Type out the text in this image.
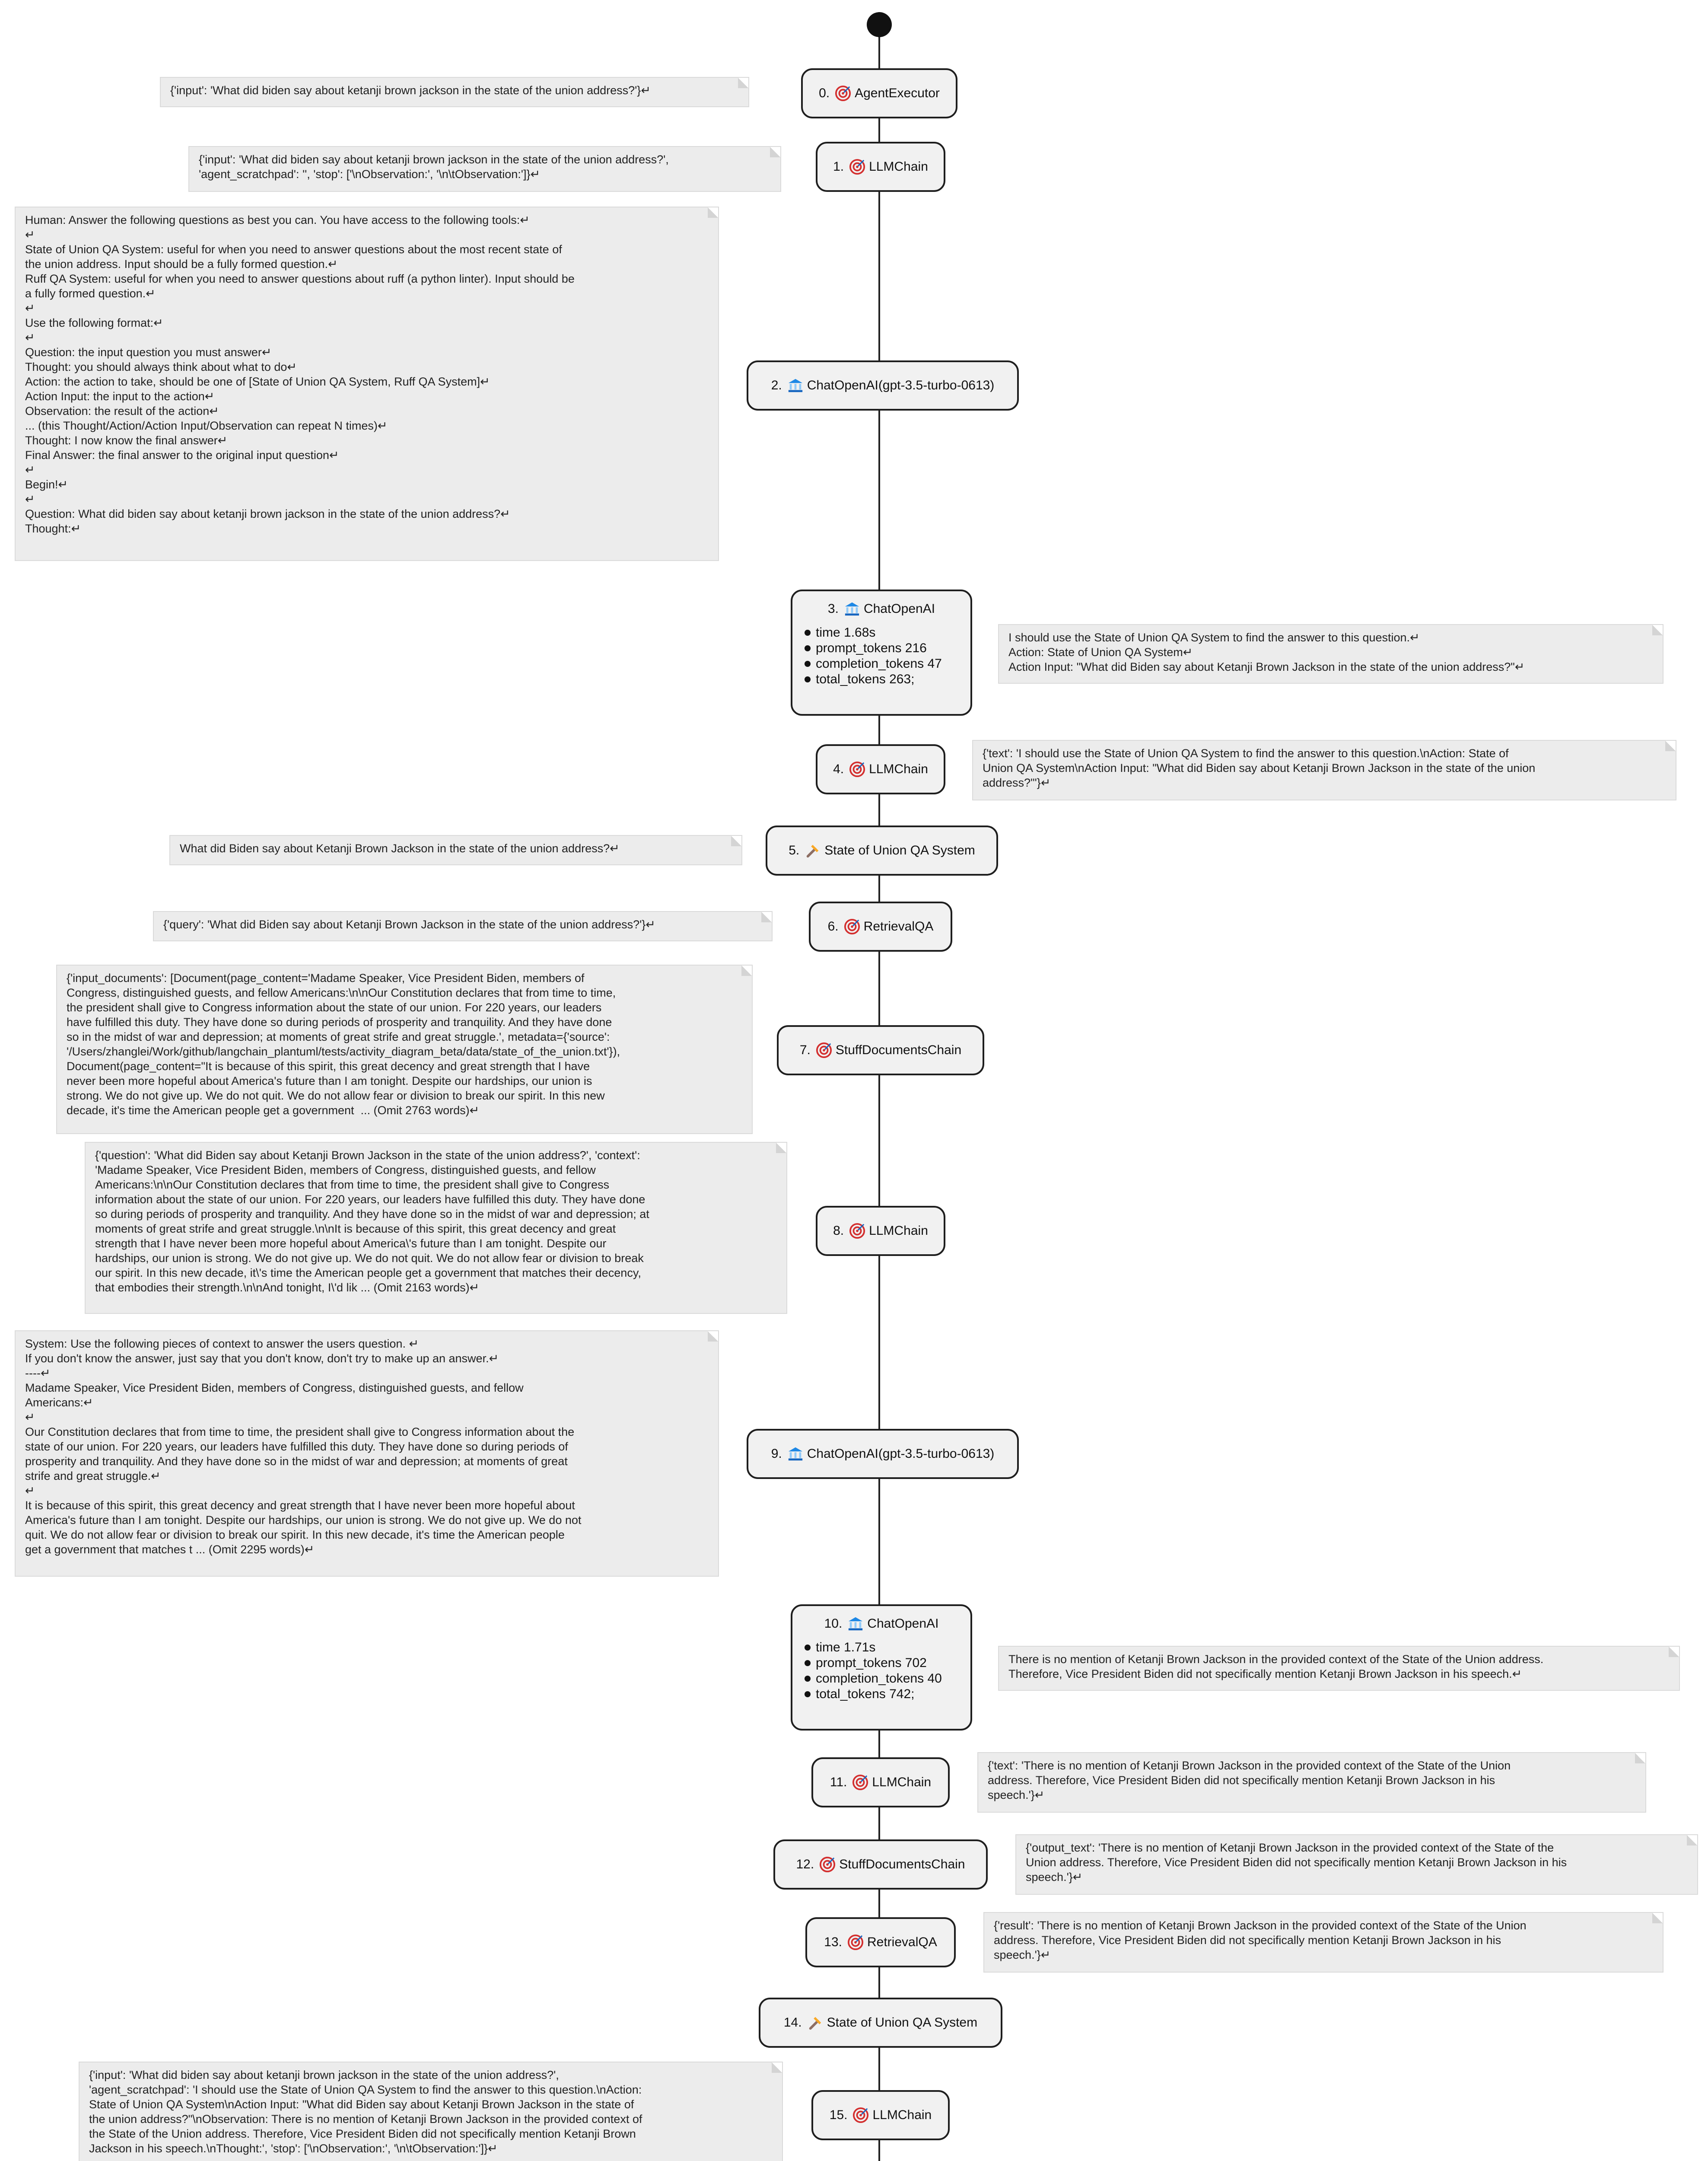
0. AgentExecutor
{'input': 'What did biden say about ketanji brown jackson in the state of the union address?'}↵
1. LLMChain
{'input': 'What did biden say about ketanji brown jackson in the state of the union address?',
'agent_scratchpad': '', 'stop': ['\nObservation:', '\n\tObservation:']}↵
2. ChatOpenAI(gpt-3.5-turbo-0613)
Human: Answer the following questions as best you can. You have access to the following tools:↵
↵
State of Union QA System: useful for when you need to answer questions about the most recent state of
the union address. Input should be a fully formed question.↵
Ruff QA System: useful for when you need to answer questions about ruff (a python linter). Input should be
a fully formed question.↵
↵
Use the following format:↵
↵
Question: the input question you must answer↵
Thought: you should always think about what to do↵
Action: the action to take, should be one of [State of Union QA System, Ruff QA System]↵
Action Input: the input to the action↵
Observation: the result of the action↵
... (this Thought/Action/Action Input/Observation can repeat N times)↵
Thought: I now know the final answer↵
Final Answer: the final answer to the original input question↵
↵
Begin!↵
↵
Question: What did biden say about ketanji brown jackson in the state of the union address?↵
Thought:↵
3. ChatOpenAI
time 1.68s
prompt_tokens 216
completion_tokens 47
total_tokens 263;
I should use the State of Union QA System to find the answer to this question.↵
Action: State of Union QA System↵
Action Input: "What did Biden say about Ketanji Brown Jackson in the state of the union address?"↵
4. LLMChain
{'text': 'I should use the State of Union QA System to find the answer to this question.\nAction: State of
Union QA System\nAction Input: "What did Biden say about Ketanji Brown Jackson in the state of the union
address?"'}↵
5. State of Union QA System
What did Biden say about Ketanji Brown Jackson in the state of the union address?↵
6. RetrievalQA
{'query': 'What did Biden say about Ketanji Brown Jackson in the state of the union address?'}↵
7. StuffDocumentsChain
{'input_documents': [Document(page_content='Madame Speaker, Vice President Biden, members of
Congress, distinguished guests, and fellow Americans:\n\nOur Constitution declares that from time to time,
the president shall give to Congress information about the state of our union. For 220 years, our leaders
have fulfilled this duty. They have done so during periods of prosperity and tranquility. And they have done
so in the midst of war and depression; at moments of great strife and great struggle.', metadata={'source':
'/Users/zhanglei/Work/github/langchain_plantuml/tests/activity_diagram_beta/data/state_of_the_union.txt'}),
Document(page_content="It is because of this spirit, this great decency and great strength that I have
never been more hopeful about America's future than I am tonight. Despite our hardships, our union is
strong. We do not give up. We do not quit. We do not allow fear or division to break our spirit. In this new
decade, it's time the American people get a government  ... (Omit 2763 words)↵
8. LLMChain
{'question': 'What did Biden say about Ketanji Brown Jackson in the state of the union address?', 'context':
'Madame Speaker, Vice President Biden, members of Congress, distinguished guests, and fellow
Americans:\n\nOur Constitution declares that from time to time, the president shall give to Congress
information about the state of our union. For 220 years, our leaders have fulfilled this duty. They have done
so during periods of prosperity and tranquility. And they have done so in the midst of war and depression; at
moments of great strife and great struggle.\n\nIt is because of this spirit, this great decency and great
strength that I have never been more hopeful about America\'s future than I am tonight. Despite our
hardships, our union is strong. We do not give up. We do not quit. We do not allow fear or division to break
our spirit. In this new decade, it\'s time the American people get a government that matches their decency,
that embodies their strength.\n\nAnd tonight, I\'d lik ... (Omit 2163 words)↵
9. ChatOpenAI(gpt-3.5-turbo-0613)
System: Use the following pieces of context to answer the users question. ↵
If you don't know the answer, just say that you don't know, don't try to make up an answer.↵
----↵
Madame Speaker, Vice President Biden, members of Congress, distinguished guests, and fellow
Americans:↵
↵
Our Constitution declares that from time to time, the president shall give to Congress information about the
state of our union. For 220 years, our leaders have fulfilled this duty. They have done so during periods of
prosperity and tranquility. And they have done so in the midst of war and depression; at moments of great
strife and great struggle.↵
↵
It is because of this spirit, this great decency and great strength that I have never been more hopeful about
America's future than I am tonight. Despite our hardships, our union is strong. We do not give up. We do not
quit. We do not allow fear or division to break our spirit. In this new decade, it's time the American people
get a government that matches t ... (Omit 2295 words)↵
10. ChatOpenAI
time 1.71s
prompt_tokens 702
completion_tokens 40
total_tokens 742;
There is no mention of Ketanji Brown Jackson in the provided context of the State of the Union address.
Therefore, Vice President Biden did not specifically mention Ketanji Brown Jackson in his speech.↵
11. LLMChain
{'text': 'There is no mention of Ketanji Brown Jackson in the provided context of the State of the Union
address. Therefore, Vice President Biden did not specifically mention Ketanji Brown Jackson in his
speech.'}↵
12. StuffDocumentsChain
{'output_text': 'There is no mention of Ketanji Brown Jackson in the provided context of the State of the
Union address. Therefore, Vice President Biden did not specifically mention Ketanji Brown Jackson in his
speech.'}↵
13. RetrievalQA
{'result': 'There is no mention of Ketanji Brown Jackson in the provided context of the State of the Union
address. Therefore, Vice President Biden did not specifically mention Ketanji Brown Jackson in his
speech.'}↵
14. State of Union QA System
15. LLMChain
{'input': 'What did biden say about ketanji brown jackson in the state of the union address?',
'agent_scratchpad': 'I should use the State of Union QA System to find the answer to this question.\nAction:
State of Union QA System\nAction Input: "What did Biden say about Ketanji Brown Jackson in the state of
the union address?"\nObservation: There is no mention of Ketanji Brown Jackson in the provided context of
the State of the Union address. Therefore, Vice President Biden did not specifically mention Ketanji Brown
Jackson in his speech.\nThought:', 'stop': ['\nObservation:', '\n\tObservation:']}↵
